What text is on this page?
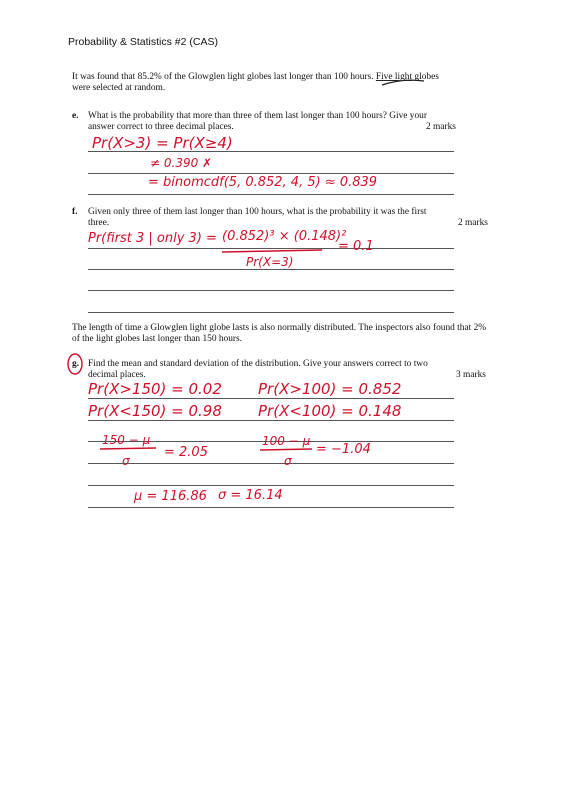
Probability & Statistics #2 (CAS)
It was found that 85.2% of the Glowglen light globes last longer than 100 hours. Five light globes
were selected at random.
e. What is the probability that more than three of them last longer than 100 hours? Give your
answer correct to three decimal places.	2 marks
Pr(X>3) = Pr(X≥4)
≠ 0.390 ✗
= binomcdf(5, 0.852, 4, 5) ≈ 0.839
f. Given only three of them last longer than 100 hours, what is the probability it was the first
three.	2 marks
Pr(first 3 | only 3) = (0.852)³ × (0.148)²
Pr(X=3)
= 0.1
The length of time a Glowglen light globe lasts is also normally distributed. The inspectors also found that 2%
of the light globes last longer than 150 hours.
g. Find the mean and standard deviation of the distribution. Give your answers correct to two
decimal places.	3 marks
Pr(X>150) = 0.02 Pr(X>100) = 0.852
Pr(X<150) = 0.98 Pr(X<100) = 0.148
150 − μ
σ
= 2.05
100 − μ
σ
= −1.04
μ = 116.86 σ = 16.14
